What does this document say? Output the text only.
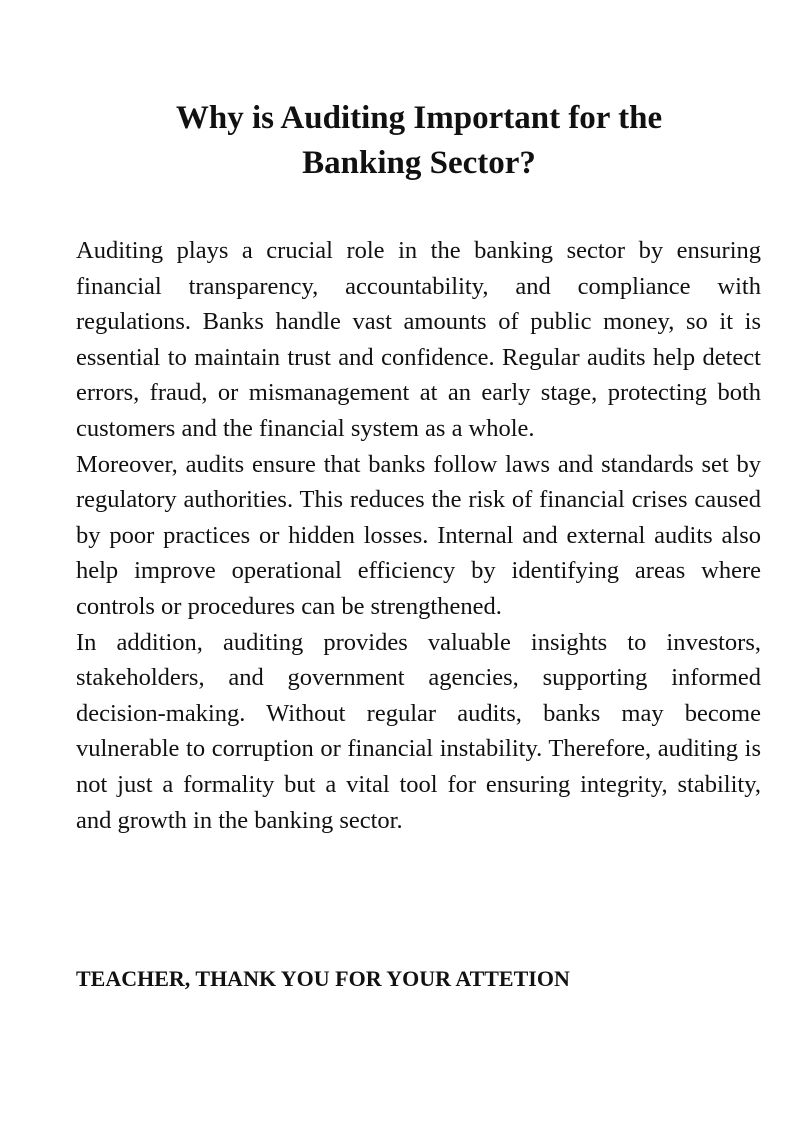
Why is Auditing Important for the
Banking Sector?

Auditing plays a crucial role in the banking sector by ensuring financial transparency, accountability, and compliance with regulations. Banks handle vast amounts of public money, so it is essential to maintain trust and confidence. Regular audits help detect errors, fraud, or mismanagement at an early stage, protecting both customers and the financial system as a whole.

Moreover, audits ensure that banks follow laws and standards set by regulatory authorities. This reduces the risk of financial crises caused by poor practices or hidden losses. Internal and external audits also help improve operational efficiency by identifying areas where controls or procedures can be strengthened.

In addition, auditing provides valuable insights to investors, stakeholders, and government agencies, supporting informed decision-making. Without regular audits, banks may become vulnerable to corruption or financial instability. Therefore, auditing is not just a formality but a vital tool for ensuring integrity, stability, and growth in the banking sector.

TEACHER, THANK YOU FOR YOUR ATTETION
